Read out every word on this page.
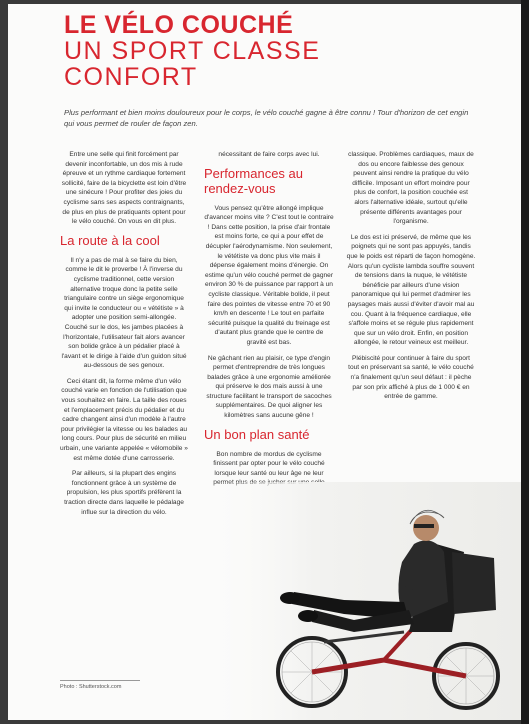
LE VÉLO COUCHÉ
UN SPORT CLASSE
CONFORT
Plus performant et bien moins douloureux pour le corps, le vélo couché gagne à être connu ! Tour d'horizon de cet engin qui vous permet de rouler de façon zen.

Entre une selle qui finit forcément par devenir inconfortable, un dos mis à rude épreuve et un rythme cardiaque fortement sollicité, faire de la bicyclette est loin d'être une sinécure ! Pour profiter des joies du cyclisme sans ses aspects contraignants, de plus en plus de pratiquants optent pour le vélo couché. On vous en dit plus.

La route à la cool

Il n'y a pas de mal à se faire du bien, comme le dit le proverbe ! À l'inverse du cyclisme traditionnel, cette version alternative troque donc la petite selle triangulaire contre un siège ergonomique qui invite le conducteur ou « vététiste » à adopter une position semi-allongée. Couché sur le dos, les jambes placées à l'horizontale, l'utilisateur fait alors avancer son bolide grâce à un pédalier placé à l'avant et le dirige à l'aide d'un guidon situé au-dessous de ses genoux.

Ceci étant dit, la forme même d'un vélo couché varie en fonction de l'utilisation que vous souhaitez en faire. La taille des roues et l'emplacement précis du pédalier et du cadre changent ainsi d'un modèle à l'autre pour privilégier la vitesse ou les balades au long cours. Pour plus de sécurité en milieu urbain, une variante appelée « vélomobile » est même dotée d'une carrosserie.

Par ailleurs, si la plupart des engins fonctionnent grâce à un système de propulsion, les plus sportifs préfèrent la traction directe dans laquelle le pédalage influe sur la direction du vélo.

nécessitant de faire corps avec lui.

Performances au rendez-vous

Vous pensez qu'être allongé implique d'avancer moins vite ? C'est tout le contraire ! Dans cette position, la prise d'air frontale est moins forte, ce qui a pour effet de décupler l'aérodynamisme. Non seulement, le vététiste va donc plus vite mais il dépense également moins d'énergie. On estime qu'un vélo couché permet de gagner environ 30 % de puissance par rapport à un cycliste classique. Véritable bolide, il peut faire des pointes de vitesse entre 70 et 90 km/h en descente ! Le tout en parfaite sécurité puisque la qualité du freinage est d'autant plus grande que le centre de gravité est bas.

Ne gâchant rien au plaisir, ce type d'engin permet d'entreprendre de très longues balades grâce à une ergonomie améliorée qui préserve le dos mais aussi à une structure facilitant le transport de sacoches supplémentaires. De quoi aligner les kilomètres sans aucune gêne !

Un bon plan santé

Bon nombre de mordus de cyclisme finissent par opter pour le vélo couché lorsque leur santé ou leur âge ne leur

classique. Problèmes cardiaques, maux de dos ou encore faiblesse des genoux peuvent ainsi rendre la pratique du vélo difficile. Imposant un effort moindre pour plus de confort, la position couchée est alors l'alternative idéale, surtout qu'elle présente différents avantages pour l'organisme.

Le dos est ici préservé, de même que les poignets qui ne sont pas appuyés, tandis que le poids est réparti de façon homogène. Alors qu'un cycliste lambda souffre souvent de tensions dans la nuque, le vététiste bénéficie par ailleurs d'une vision panoramique qui lui permet d'admirer les paysages mais aussi d'éviter d'avoir mal au cou. Quant à la fréquence cardiaque, elle s'affole moins et se régule plus rapidement que sur un vélo droit. Enfin, en position allongée, le retour veineux est meilleur.

Plébiscité pour continuer à faire du sport tout en préservant sa santé, le vélo couché n'a finalement qu'un seul défaut : il pèche par son prix affiché à plus de 1 000 € en entrée de gamme.

Photo : Shutterstock.com
